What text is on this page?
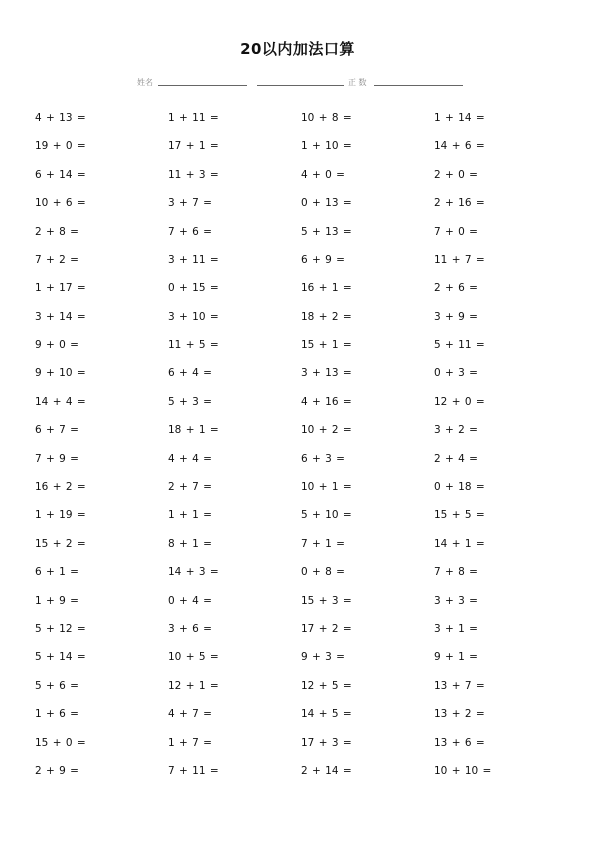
20以内加法口算
姓名	正 数
4 + 13 =	1 + 11 =	10 + 8 =	1 + 14 =
19 + 0 =	17 + 1 =	1 + 10 =	14 + 6 =
6 + 14 =	11 + 3 =	4 + 0 =	2 + 0 =
10 + 6 =	3 + 7 =	0 + 13 =	2 + 16 =
2 + 8 =	7 + 6 =	5 + 13 =	7 + 0 =
7 + 2 =	3 + 11 =	6 + 9 =	11 + 7 =
1 + 17 =	0 + 15 =	16 + 1 =	2 + 6 =
3 + 14 =	3 + 10 =	18 + 2 =	3 + 9 =
9 + 0 =	11 + 5 =	15 + 1 =	5 + 11 =
9 + 10 =	6 + 4 =	3 + 13 =	0 + 3 =
14 + 4 =	5 + 3 =	4 + 16 =	12 + 0 =
6 + 7 =	18 + 1 =	10 + 2 =	3 + 2 =
7 + 9 =	4 + 4 =	6 + 3 =	2 + 4 =
16 + 2 =	2 + 7 =	10 + 1 =	0 + 18 =
1 + 19 =	1 + 1 =	5 + 10 =	15 + 5 =
15 + 2 =	8 + 1 =	7 + 1 =	14 + 1 =
6 + 1 =	14 + 3 =	0 + 8 =	7 + 8 =
1 + 9 =	0 + 4 =	15 + 3 =	3 + 3 =
5 + 12 =	3 + 6 =	17 + 2 =	3 + 1 =
5 + 14 =	10 + 5 =	9 + 3 =	9 + 1 =
5 + 6 =	12 + 1 =	12 + 5 =	13 + 7 =
1 + 6 =	4 + 7 =	14 + 5 =	13 + 2 =
15 + 0 =	1 + 7 =	17 + 3 =	13 + 6 =
2 + 9 =	7 + 11 =	2 + 14 =	10 + 10 =
